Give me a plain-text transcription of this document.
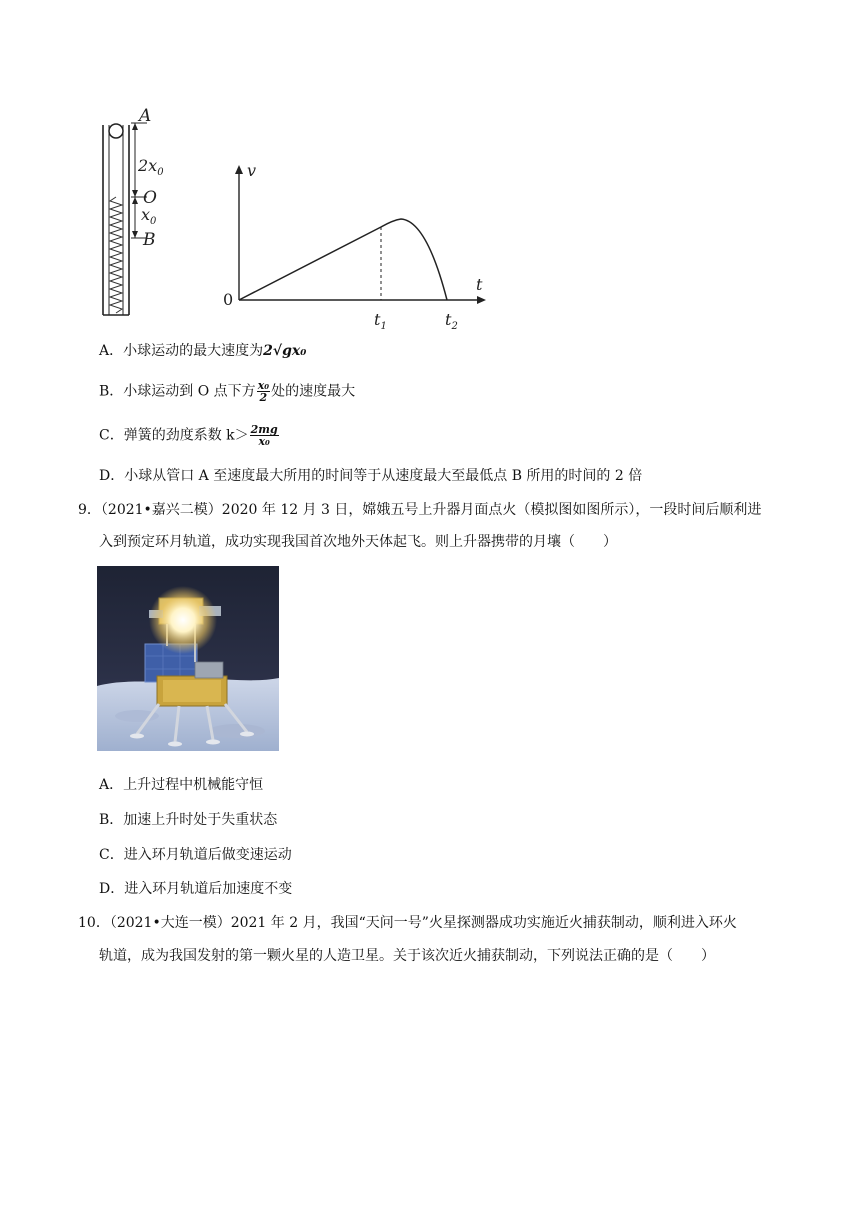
A
$2x_0$
O
$x_0$
B
v
t
0
$t_1$	$t_2$
A．小球运动的最大速度为2√gx₀
B．小球运动到 O 点下方 $\frac{\text{x₀}}{2}$ 处的速度最大
C．弹簧的劲度系数 $k> \frac{2mg}{\text{x₀}}$
D．小球从管口 A 至速度最大所用的时间等于从速度最大至最低点 B 所用的时间的 2 倍
9．（2021•嘉兴二模）2020 年 12 月 3 日，嫦娥五号上升器月面点火（模拟图如图所示），一段时间后顺利进
入到预定环月轨道，成功实现我国首次地外天体起飞。则上升器携带的月壤（　　）
A．上升过程中机械能守恒
B．加速上升时处于失重状态
C．进入环月轨道后做变速运动
D．进入环月轨道后加速度不变
10．（2021•大连一模）2021 年 2 月，我国“天问一号”火星探测器成功实施近火捕获制动，顺利进入环火
轨道，成为我国发射的第一颗火星的人造卫星。关于该次近火捕获制动，下列说法正确的是（　　）
